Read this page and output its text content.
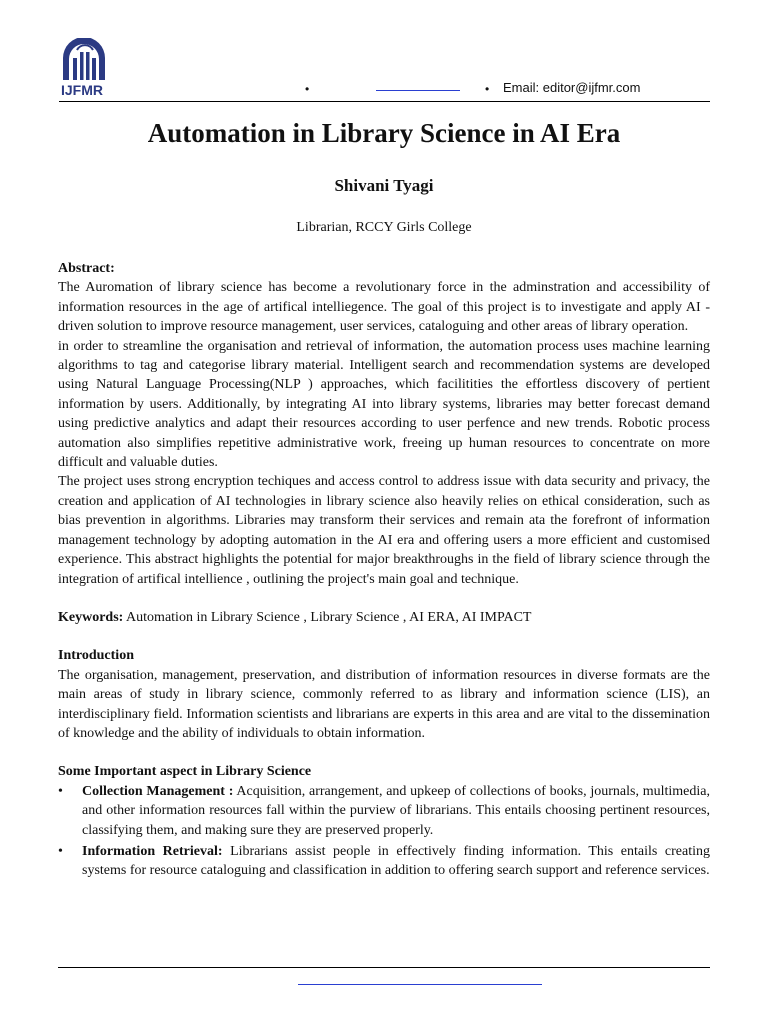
IJFMR	•	• Email: editor@ijfmr.com
Automation in Library Science in AI Era
Shivani Tyagi
Librarian, RCCY Girls College

Abstract:

The Auromation of library science has become a revolutionary force in the adminstration and accessibility of information resources in the age of artifical intelliegence. The goal of this project is to investigate and apply AI -driven solution to improve resource management, user services, cataloguing and other areas of library operation.

in order to streamline the organisation and retrieval of information, the automation process uses machine learning algorithms to tag and categorise library material. Intelligent search and recommendation systems are developed using Natural Language Processing(NLP ) approaches, which facilitities the effortless discovery of pertient information by users. Additionally, by integrating AI into library systems, libraries may better forecast demand using predictive analytics and adapt their resources according to user perfence and new trends. Robotic process automation also simplifies repetitive administrative work, freeing up human resources to concentrate on more difficult and valuable duties.

The project uses strong encryption techiques and access control to address issue with data security and privacy, the creation and application of AI technologies in library science also heavily relies on ethical consideration, such as bias prevention in algorithms. Libraries may transform their services and remain ata the forefront of information management technology by adopting automation in the AI era and offering users a more efficient and customised experience. This abstract highlights the potential for major breakthroughs in the field of library science through the integration of artifical intellience , outlining the project's main goal and technique.

Keywords: Automation in Library Science , Library Science , AI ERA, AI IMPACT

Introduction

The organisation, management, preservation, and distribution of information resources in diverse formats are the main areas of study in library science, commonly referred to as library and information science (LIS), an interdisciplinary field. Information scientists and librarians are experts in this area and are vital to the dissemination of knowledge and the ability of individuals to obtain information.

Some Important aspect in Library Science

• Collection Management : Acquisition, arrangement, and upkeep of collections of books, journals, multimedia, and other information resources fall within the purview of librarians. This entails choosing pertinent resources, classifying them, and making sure they are preserved properly.
• Information Retrieval: Librarians assist people in effectively finding information. This entails creating systems for resource cataloguing and classification in addition to offering search support and reference services.
